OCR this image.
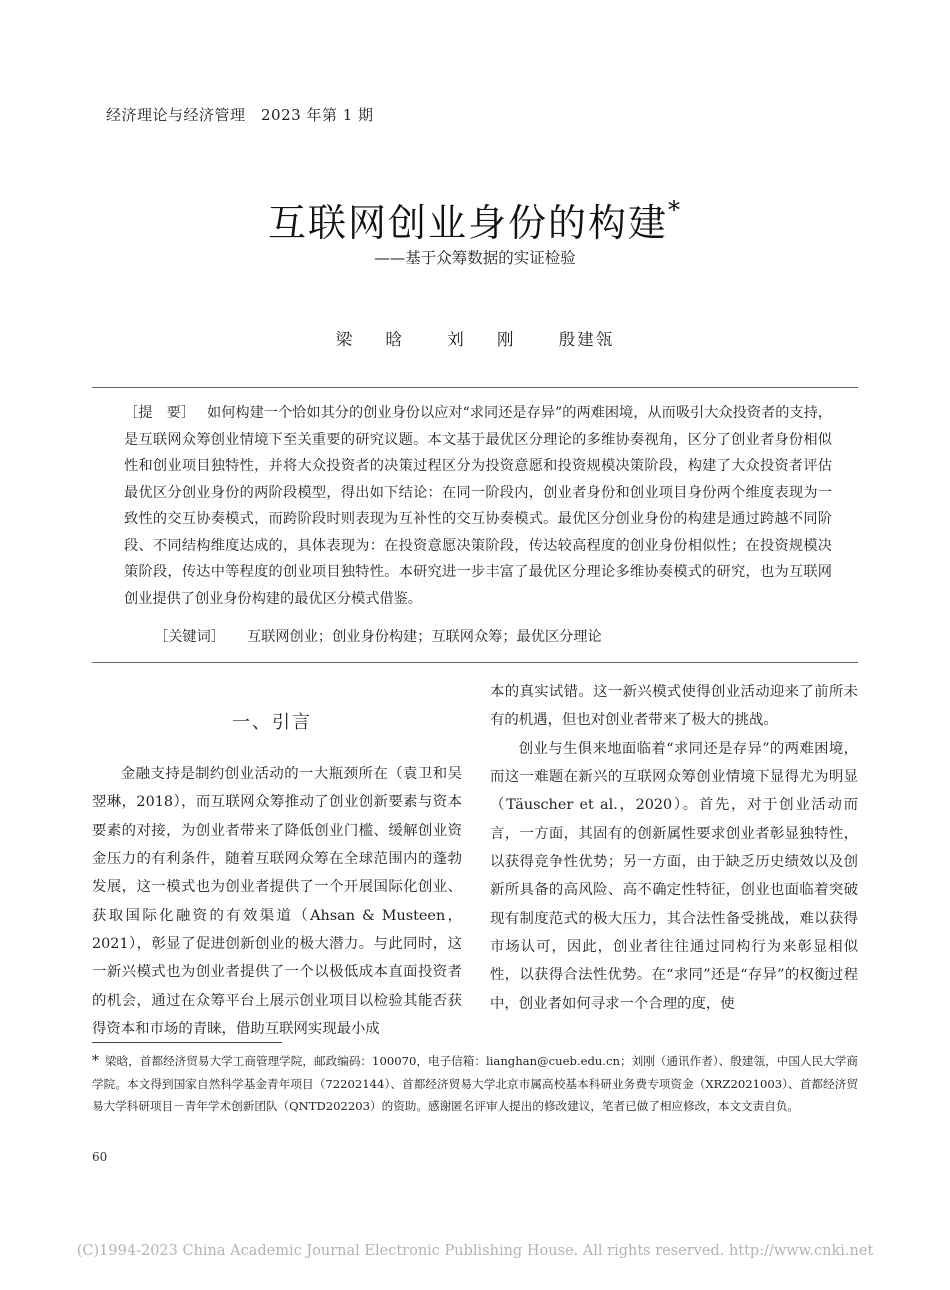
经济理论与经济管理　2023 年第 1 期
互联网创业身份的构建*
——基于众筹数据的实证检验
梁 晗 刘 刚 殷建瓴
［提　要］ 如何构建一个恰如其分的创业身份以应对“求同还是存异”的两难困境，从而吸引大众投资者的支持，是互联网众筹创业情境下至关重要的研究议题。本文基于最优区分理论的多维协奏视角，区分了创业者身份相似性和创业项目独特性，并将大众投资者的决策过程区分为投资意愿和投资规模决策阶段，构建了大众投资者评估最优区分创业身份的两阶段模型，得出如下结论：在同一阶段内，创业者身份和创业项目身份两个维度表现为一致性的交互协奏模式，而跨阶段时则表现为互补性的交互协奏模式。最优区分创业身份的构建是通过跨越不同阶段、不同结构维度达成的，具体表现为：在投资意愿决策阶段，传达较高程度的创业身份相似性；在投资规模决策阶段，传达中等程度的创业项目独特性。本研究进一步丰富了最优区分理论多维协奏模式的研究，也为互联网创业提供了创业身份构建的最优区分模式借鉴。
［关键词］ 互联网创业；创业身份构建；互联网众筹；最优区分理论
一、引言

金融支持是制约创业活动的一大瓶颈所在（袁卫和吴翌琳，2018），而互联网众筹推动了创业创新要素与资本要素的对接，为创业者带来了降低创业门槛、缓解创业资金压力的有利条件，随着互联网众筹在全球范围内的蓬勃发展，这一模式也为创业者提供了一个开展国际化创业、获取国际化融资的有效渠道（Ahsan & Musteen，2021），彰显了促进创新创业的极大潜力。与此同时，这一新兴模式也为创业者提供了一个以极低成本直面投资者的机会，通过在众筹平台上展示创业项目以检验其能否获得资本和市场的青睐，借助互联网实现最小成

本的真实试错。这一新兴模式使得创业活动迎来了前所未有的机遇，但也对创业者带来了极大的挑战。

创业与生俱来地面临着“求同还是存异”的两难困境，而这一难题在新兴的互联网众筹创业情境下显得尤为明显（Täuscher et al.，2020）。首先，对于创业活动而言，一方面，其固有的创新属性要求创业者彰显独特性，以获得竞争性优势；另一方面，由于缺乏历史绩效以及创新所具备的高风险、高不确定性特征，创业也面临着突破现有制度范式的极大压力，其合法性备受挑战，难以获得市场认可，因此，创业者往往通过同构行为来彰显相似性，以获得合法性优势。在“求同”还是“存异”的权衡过程中，创业者如何寻求一个合理的度，使

* 梁晗，首都经济贸易大学工商管理学院，邮政编码：100070，电子信箱：lianghan@cueb.edu.cn；刘刚（通讯作者）、殷建瓴，中国人民大学商学院。本文得到国家自然科学基金青年项目（72202144）、首都经济贸易大学北京市属高校基本科研业务费专项资金（XRZ2021003）、首都经济贸易大学科研项目－青年学术创新团队（QNTD202203）的资助。感谢匿名评审人提出的修改建议，笔者已做了相应修改，本文文责自负。
60
(C)1994-2023 China Academic Journal Electronic Publishing House. All rights reserved. http://www.cnki.net
